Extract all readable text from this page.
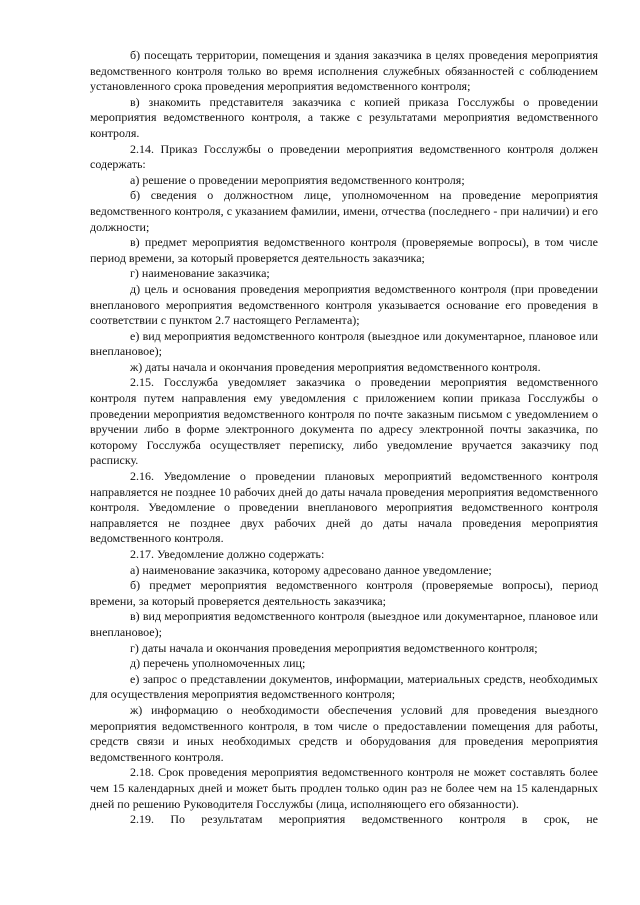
б) посещать территории, помещения и здания заказчика в целях проведения мероприятия ведомственного контроля только во время исполнения служебных обязанностей с соблюдением установленного срока проведения мероприятия ведомственного контроля;

в) знакомить представителя заказчика с копией приказа Госслужбы о проведении мероприятия ведомственного контроля, а также с результатами мероприятия ведомственного контроля.

2.14. Приказ Госслужбы о проведении мероприятия ведомственного контроля должен содержать:

а) решение о проведении мероприятия ведомственного контроля;

б) сведения о должностном лице, уполномоченном на проведение мероприятия ведомственного контроля, с указанием фамилии, имени, отчества (последнего - при наличии) и его должности;

в) предмет мероприятия ведомственного контроля (проверяемые вопросы), в том числе период времени, за который проверяется деятельность заказчика;

г) наименование заказчика;

д) цель и основания проведения мероприятия ведомственного контроля (при проведении внепланового мероприятия ведомственного контроля указывается основание его проведения в соответствии с пунктом 2.7 настоящего Регламента);

е) вид мероприятия ведомственного контроля (выездное или документарное, плановое или внеплановое);

ж) даты начала и окончания проведения мероприятия ведомственного контроля.

2.15. Госслужба уведомляет заказчика о проведении мероприятия ведомственного контроля путем направления ему уведомления с приложением копии приказа Госслужбы о проведении мероприятия ведомственного контроля по почте заказным письмом с уведомлением о вручении либо в форме электронного документа по адресу электронной почты заказчика, по которому Госслужба осуществляет переписку, либо уведомление вручается заказчику под расписку.

2.16. Уведомление о проведении плановых мероприятий ведомственного контроля направляется не позднее 10 рабочих дней до даты начала проведения мероприятия ведомственного контроля. Уведомление о проведении внепланового мероприятия ведомственного контроля направляется не позднее двух рабочих дней до даты начала проведения мероприятия ведомственного контроля.

2.17. Уведомление должно содержать:

а) наименование заказчика, которому адресовано данное уведомление;

б) предмет мероприятия ведомственного контроля (проверяемые вопросы), период времени, за который проверяется деятельность заказчика;

в) вид мероприятия ведомственного контроля (выездное или документарное, плановое или внеплановое);

г) даты начала и окончания проведения мероприятия ведомственного контроля;

д) перечень уполномоченных лиц;

е) запрос о представлении документов, информации, материальных средств, необходимых для осуществления мероприятия ведомственного контроля;

ж) информацию о необходимости обеспечения условий для проведения выездного мероприятия ведомственного контроля, в том числе о предоставлении помещения для работы, средств связи и иных необходимых средств и оборудования для проведения мероприятия ведомственного контроля.

2.18. Срок проведения мероприятия ведомственного контроля не может составлять более чем 15 календарных дней и может быть продлен только один раз не более чем на 15 календарных дней по решению Руководителя Госслужбы (лица, исполняющего его обязанности).

2.19. По результатам мероприятия ведомственного контроля в срок, не
